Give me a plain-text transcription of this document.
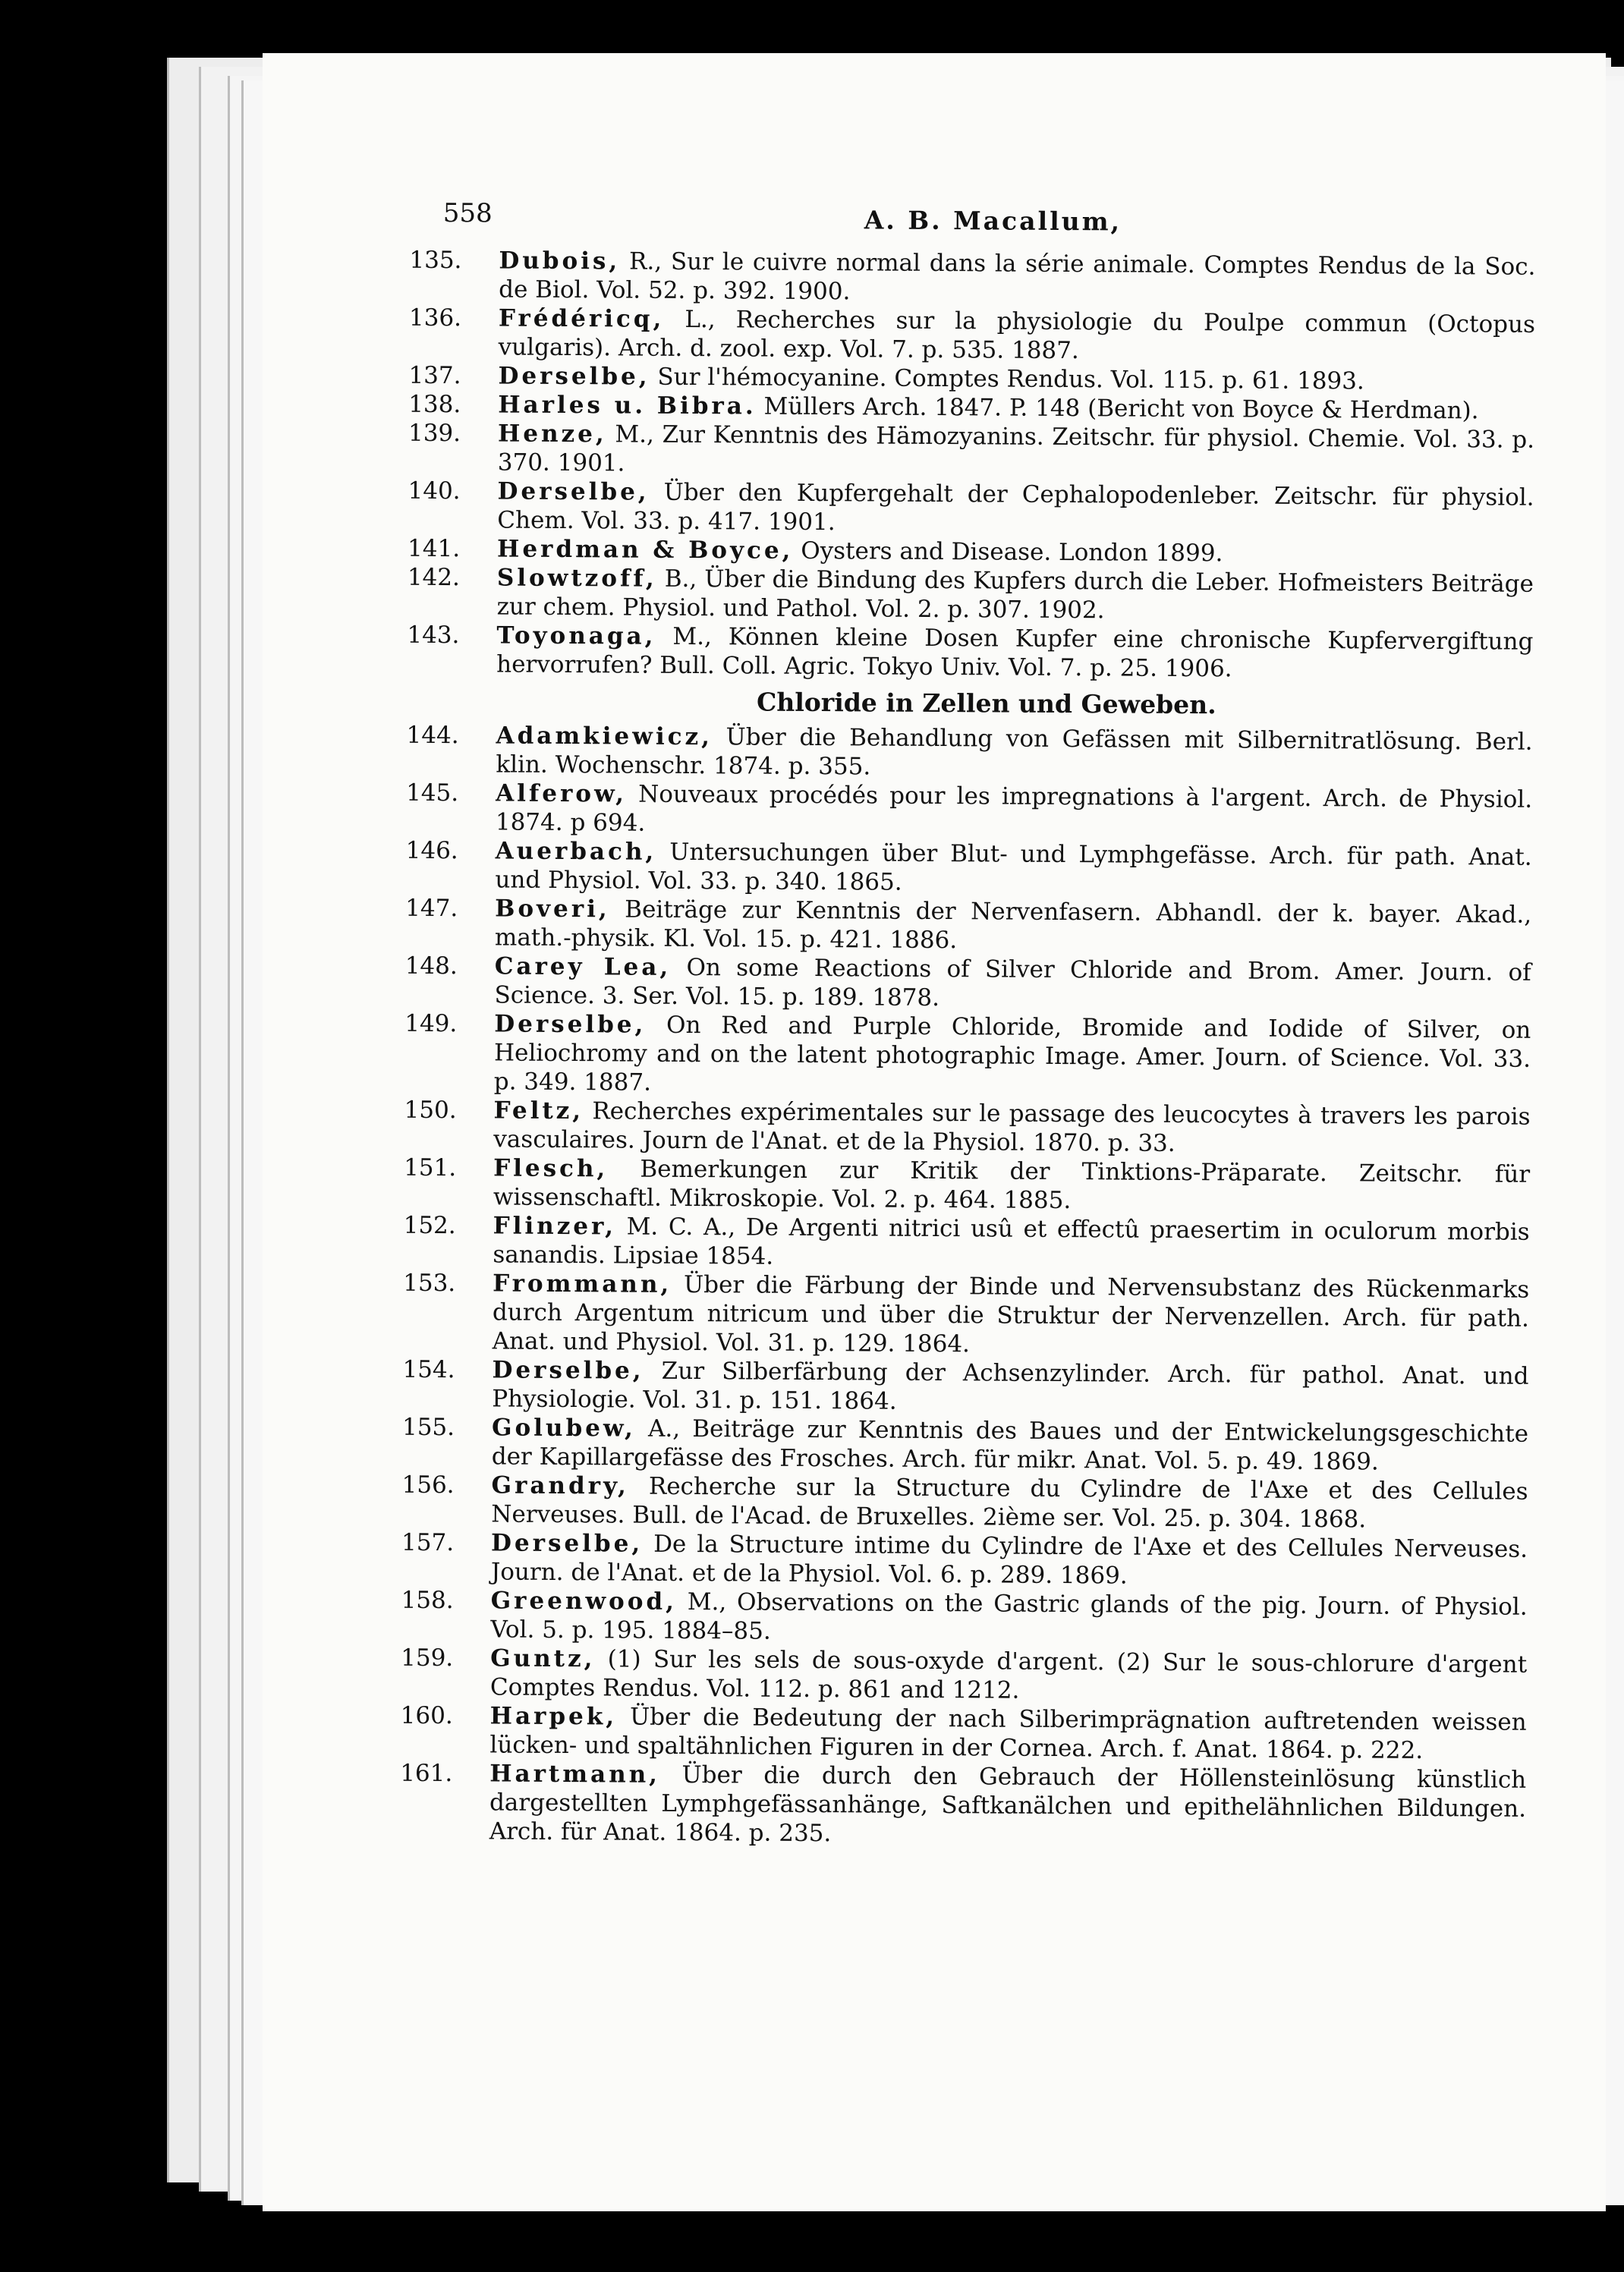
558	A. B. Macallum,

135.	Dubois, R., Sur le cuivre normal dans la série animale. Comptes Rendus de la Soc. de Biol. Vol. 52. p. 392. 1900.

136.	Frédéricq, L., Recherches sur la physiologie du Poulpe commun (Octopus vulgaris). Arch. d. zool. exp. Vol. 7. p. 535. 1887.

137.	Derselbe, Sur l'hémocyanine. Comptes Rendus. Vol. 115. p. 61. 1893.

138.	Harles u. Bibra. Müllers Arch. 1847. P. 148 (Bericht von Boyce & Herdman).

139.	Henze, M., Zur Kenntnis des Hämozyanins. Zeitschr. für physiol. Chemie. Vol. 33. p. 370. 1901.

140.	Derselbe, Über den Kupfergehalt der Cephalopodenleber. Zeitschr. für physiol. Chem. Vol. 33. p. 417. 1901.

141.	Herdman & Boyce, Oysters and Disease. London 1899.

142.	Slowtzoff, B., Über die Bindung des Kupfers durch die Leber. Hofmeisters Beiträge zur chem. Physiol. und Pathol. Vol. 2. p. 307. 1902.

143.	Toyonaga, M., Können kleine Dosen Kupfer eine chronische Kupfervergiftung hervorrufen? Bull. Coll. Agric. Tokyo Univ. Vol. 7. p. 25. 1906.

Chloride in Zellen und Geweben.

144.	Adamkiewicz, Über die Behandlung von Gefässen mit Silbernitratlösung. Berl. klin. Wochenschr. 1874. p. 355.

145.	Alferow, Nouveaux procédés pour les impregnations à l'argent. Arch. de Physiol. 1874. p 694.

146.	Auerbach, Untersuchungen über Blut- und Lymphgefässe. Arch. für path. Anat. und Physiol. Vol. 33. p. 340. 1865.

147.	Boveri, Beiträge zur Kenntnis der Nervenfasern. Abhandl. der k. bayer. Akad., math.-physik. Kl. Vol. 15. p. 421. 1886.

148.	Carey Lea, On some Reactions of Silver Chloride and Brom. Amer. Journ. of Science. 3. Ser. Vol. 15. p. 189. 1878.

149.	Derselbe, On Red and Purple Chloride, Bromide and Iodide of Silver, on Heliochromy and on the latent photographic Image. Amer. Journ. of Science. Vol. 33. p. 349. 1887.

150.	Feltz, Recherches expérimentales sur le passage des leucocytes à travers les parois vasculaires. Journ de l'Anat. et de la Physiol. 1870. p. 33.

151.	Flesch, Bemerkungen zur Kritik der Tinktions-Präparate. Zeitschr. für wissenschaftl. Mikroskopie. Vol. 2. p. 464. 1885.

152.	Flinzer, M. C. A., De Argenti nitrici usû et effectû praesertim in oculorum morbis sanandis. Lipsiae 1854.

153.	Frommann, Über die Färbung der Binde und Nervensubstanz des Rückenmarks durch Argentum nitricum und über die Struktur der Nervenzellen. Arch. für path. Anat. und Physiol. Vol. 31. p. 129. 1864.

154.	Derselbe, Zur Silberfärbung der Achsenzylinder. Arch. für pathol. Anat. und Physiologie. Vol. 31. p. 151. 1864.

155.	Golubew, A., Beiträge zur Kenntnis des Baues und der Entwickelungsgeschichte der Kapillargefässe des Frosches. Arch. für mikr. Anat. Vol. 5. p. 49. 1869.

156.	Grandry, Recherche sur la Structure du Cylindre de l'Axe et des Cellules Nerveuses. Bull. de l'Acad. de Bruxelles. 2ième ser. Vol. 25. p. 304. 1868.

157.	Derselbe, De la Structure intime du Cylindre de l'Axe et des Cellules Nerveuses. Journ. de l'Anat. et de la Physiol. Vol. 6. p. 289. 1869.

158.	Greenwood, M., Observations on the Gastric glands of the pig. Journ. of Physiol. Vol. 5. p. 195. 1884–85.

159.	Guntz, (1) Sur les sels de sous-oxyde d'argent. (2) Sur le sous-chlorure d'argent Comptes Rendus. Vol. 112. p. 861 and 1212.

160.	Harpek, Über die Bedeutung der nach Silberimprägnation auftretenden weissen lücken- und spaltähnlichen Figuren in der Cornea. Arch. f. Anat. 1864. p. 222.

161.	Hartmann, Über die durch den Gebrauch der Höllensteinlösung künstlich dargestellten Lymphgefässanhänge, Saftkanälchen und epithelähnlichen Bildungen. Arch. für Anat. 1864. p. 235.
